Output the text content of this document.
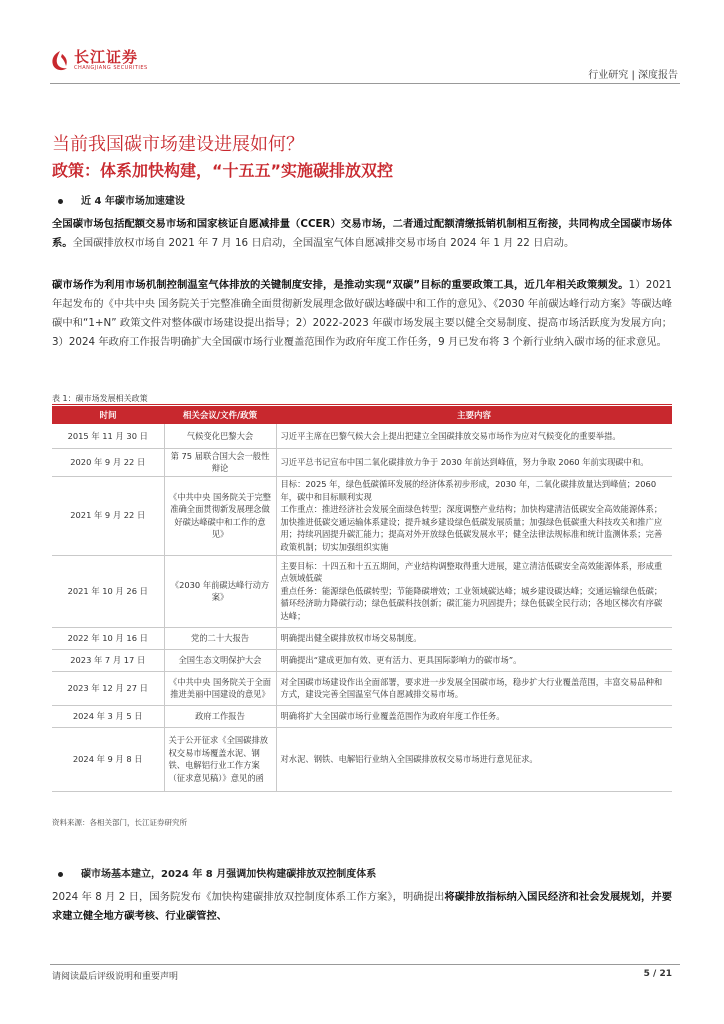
长江证券
CHANGJIANG SECURITIES
行业研究 | 深度报告
当前我国碳市场建设进展如何？
政策：体系加快构建，“十五五”实施碳排放双控
近 4 年碳市场加速建设
全国碳市场包括配额交易市场和国家核证自愿减排量（CCER）交易市场，二者通过配额清缴抵销机制相互衔接，共同构成全国碳市场体系。全国碳排放权市场自 2021 年 7 月 16 日启动，全国温室气体自愿减排交易市场自 2024 年 1 月 22 日启动。
碳市场作为利用市场机制控制温室气体排放的关键制度安排，是推动实现“双碳”目标的重要政策工具，近几年相关政策频发。1）2021 年起发布的《中共中央 国务院关于完整准确全面贯彻新发展理念做好碳达峰碳中和工作的意见》、《2030 年前碳达峰行动方案》等碳达峰碳中和“1+N” 政策文件对整体碳市场建设提出指导；2）2022-2023 年碳市场发展主要以健全交易制度、提高市场活跃度为发展方向；3）2024 年政府工作报告明确扩大全国碳市场行业覆盖范围作为政府年度工作任务，9 月已发布将 3 个新行业纳入碳市场的征求意见。
表 1：碳市场发展相关政策
时间	相关会议/文件/政策	主要内容
2015 年 11 月 30 日	气候变化巴黎大会	习近平主席在巴黎气候大会上提出把建立全国碳排放交易市场作为应对气候变化的重要举措。
2020 年 9 月 22 日	第 75 届联合国大会一般性辩论	习近平总书记宣布中国二氧化碳排放力争于 2030 年前达到峰值，努力争取 2060 年前实现碳中和。
2021 年 9 月 22 日	《中共中央 国务院关于完整准确全面贯彻新发展理念做好碳达峰碳中和工作的意见》	目标：2025 年，绿色低碳循环发展的经济体系初步形成，2030 年，二氧化碳排放量达到峰值；2060 年，碳中和目标顺利实现
工作重点：推进经济社会发展全面绿色转型；深度调整产业结构；加快构建清洁低碳安全高效能源体系；加快推进低碳交通运输体系建设；提升城乡建设绿色低碳发展质量；加强绿色低碳重大科技攻关和推广应用；持续巩固提升碳汇能力；提高对外开放绿色低碳发展水平；健全法律法规标准和统计监测体系；完善政策机制；切实加强组织实施
2021 年 10 月 26 日	《2030 年前碳达峰行动方案》	主要目标：十四五和十五五期间，产业结构调整取得重大进展，建立清洁低碳安全高效能源体系，形成重点领域低碳
重点任务：能源绿色低碳转型；节能降碳增效；工业领域碳达峰；城乡建设碳达峰；交通运输绿色低碳；循环经济助力降碳行动；绿色低碳科技创新；碳汇能力巩固提升；绿色低碳全民行动；各地区梯次有序碳达峰；
2022 年 10 月 16 日	党的二十大报告	明确提出健全碳排放权市场交易制度。
2023 年 7 月 17 日	全国生态文明保护大会	明确提出“建成更加有效、更有活力、更具国际影响力的碳市场”。
2023 年 12 月 27 日	《中共中央 国务院关于全面推进美丽中国建设的意见》	对全国碳市场建设作出全面部署，要求进一步发展全国碳市场，稳步扩大行业覆盖范围，丰富交易品种和方式，建设完善全国温室气体自愿减排交易市场。
2024 年 3 月 5 日	政府工作报告	明确将扩大全国碳市场行业覆盖范围作为政府年度工作任务。
2024 年 9 月 8 日	关于公开征求《全国碳排放权交易市场覆盖水泥、钢铁、电解铝行业工作方案（征求意见稿）》意见的函	对水泥、钢铁、电解铝行业纳入全国碳排放权交易市场进行意见征求。
资料来源：各相关部门，长江证券研究所
碳市场基本建立，2024 年 8 月强调加快构建碳排放双控制度体系
2024 年 8 月 2 日，国务院发布《加快构建碳排放双控制度体系工作方案》，明确提出将碳排放指标纳入国民经济和社会发展规划，并要求建立健全地方碳考核、行业碳管控、
请阅读最后评级说明和重要声明	5 / 21
